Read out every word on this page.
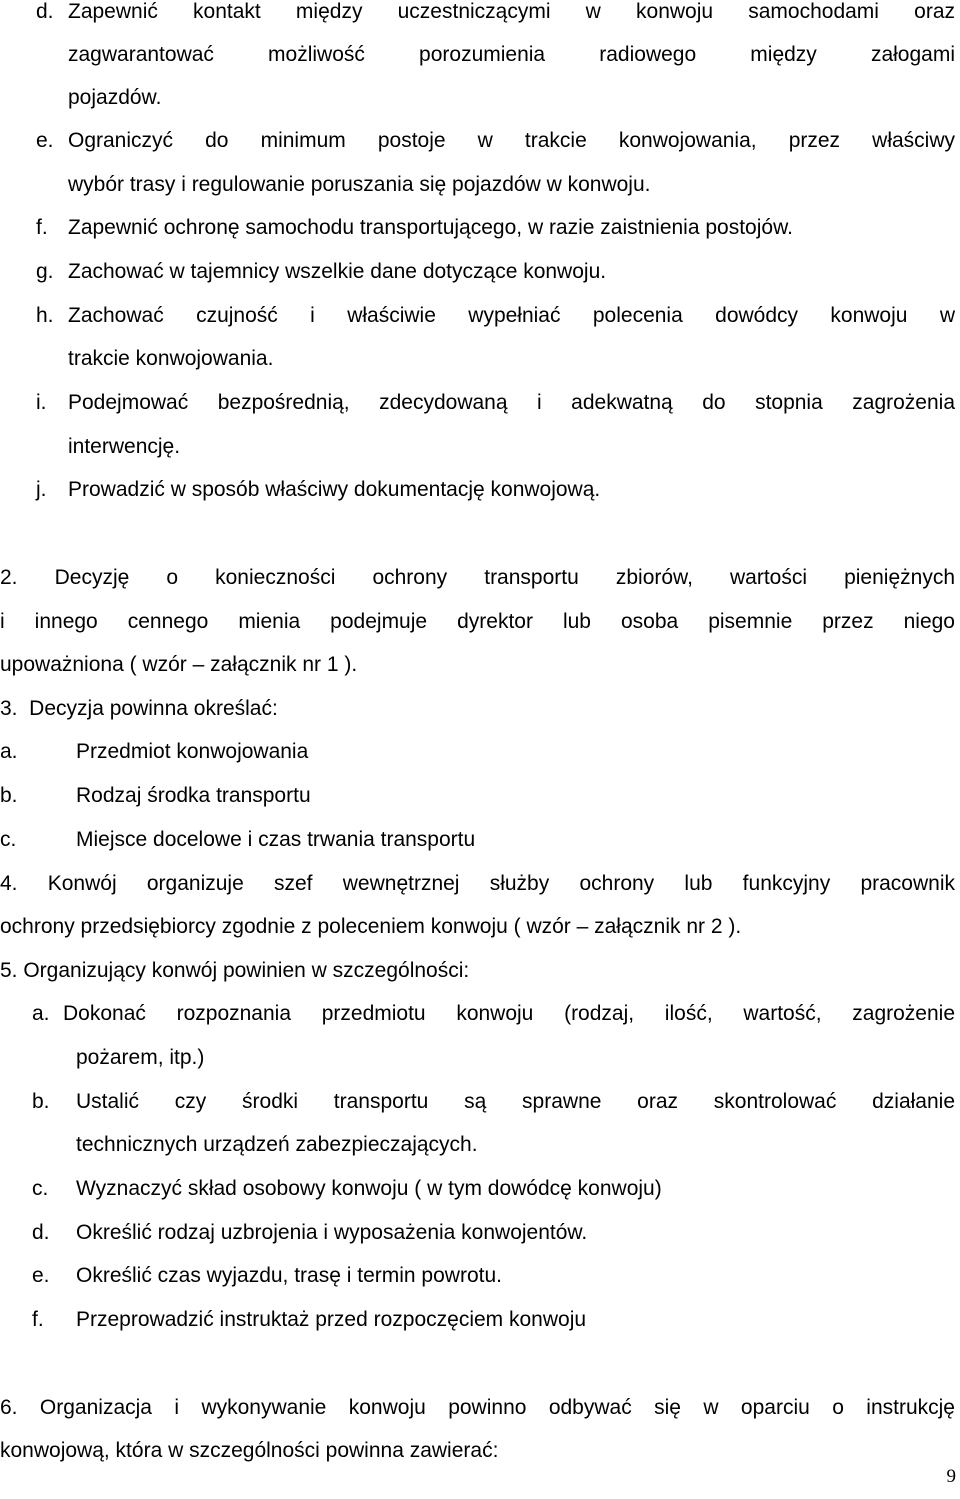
d. Zapewnić kontakt między uczestniczącymi w konwoju samochodami oraz
zagwarantować możliwość porozumienia radiowego między załogami
pojazdów.
e. Ograniczyć do minimum postoje w trakcie konwojowania, przez właściwy
wybór trasy i regulowanie poruszania się pojazdów w konwoju.
f. Zapewnić ochronę samochodu transportującego, w razie zaistnienia postojów.
g. Zachować w tajemnicy wszelkie dane dotyczące konwoju.
h. Zachować czujność i właściwie wypełniać polecenia dowódcy konwoju w
trakcie konwojowania.
i. Podejmować bezpośrednią, zdecydowaną i adekwatną do stopnia zagrożenia
interwencję.
j. Prowadzić w sposób właściwy dokumentację konwojową.
2. Decyzję o konieczności ochrony transportu zbiorów, wartości pieniężnych
i innego cennego mienia podejmuje dyrektor lub osoba pisemnie przez niego
upoważniona ( wzór – załącznik nr 1 ).
3.  Decyzja powinna określać:
a.	Przedmiot konwojowania
b.	Rodzaj środka transportu
c.	Miejsce docelowe i czas trwania transportu
4. Konwój organizuje szef wewnętrznej służby ochrony lub funkcyjny pracownik
ochrony przedsiębiorcy zgodnie z poleceniem konwoju ( wzór – załącznik nr 2 ).
5. Organizujący konwój powinien w szczególności:
a. Dokonać rozpoznania przedmiotu konwoju (rodzaj, ilość, wartość, zagrożenie
pożarem, itp.)
b. Ustalić czy środki transportu są sprawne oraz skontrolować działanie
technicznych urządzeń zabezpieczających.
c. Wyznaczyć skład osobowy konwoju ( w tym dowódcę konwoju)
d. Określić rodzaj uzbrojenia i wyposażenia konwojentów.
e. Określić czas wyjazdu, trasę i termin powrotu.
f. Przeprowadzić instruktaż przed rozpoczęciem konwoju
6. Organizacja i wykonywanie konwoju powinno odbywać się w oparciu o instrukcję
konwojową, która w szczególności powinna zawierać:
9
